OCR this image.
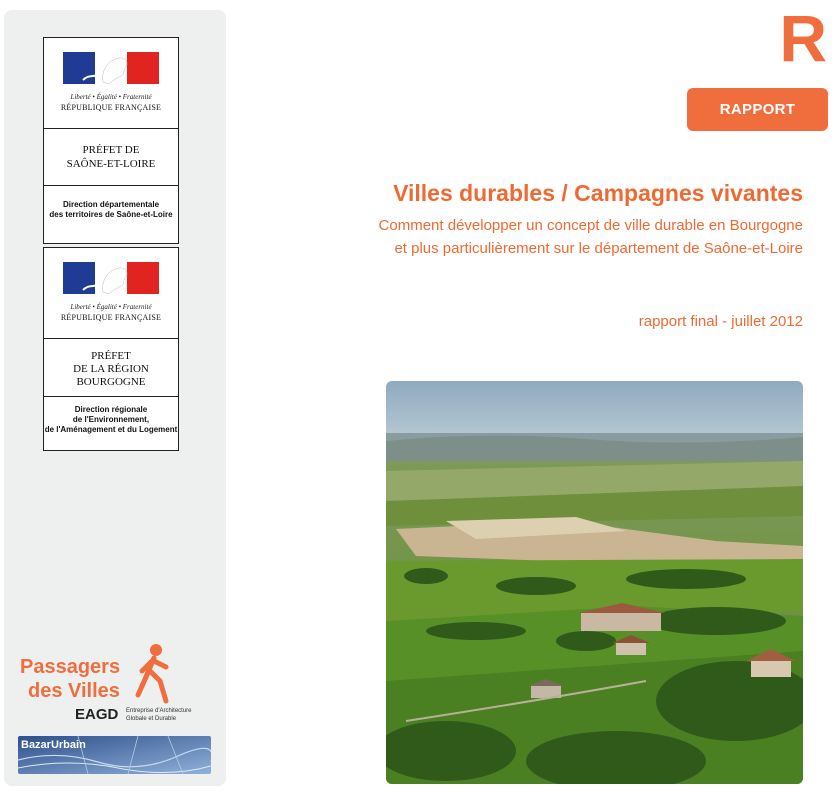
Liberté • Égalité • Fraternité
RÉPUBLIQUE FRANÇAISE
PRÉFET DE
SAÔNE-ET-LOIRE
Direction départementale
des territoires de Saône-et-Loire
Liberté • Égalité • Fraternité
RÉPUBLIQUE FRANÇAISE
PRÉFET
DE LA RÉGION
BOURGOGNE
Direction régionale
de l'Environnement,
de l'Aménagement et du Logement
Passagers
des Villes
EAGD Entreprise d'Architecture
Globale et Durable
BazarUrbain
R
RAPPORT
Villes durables / Campagnes vivantes
Comment développer un concept de ville durable en Bourgogne
et plus particulièrement sur le département de Saône-et-Loire
rapport final - juillet 2012
